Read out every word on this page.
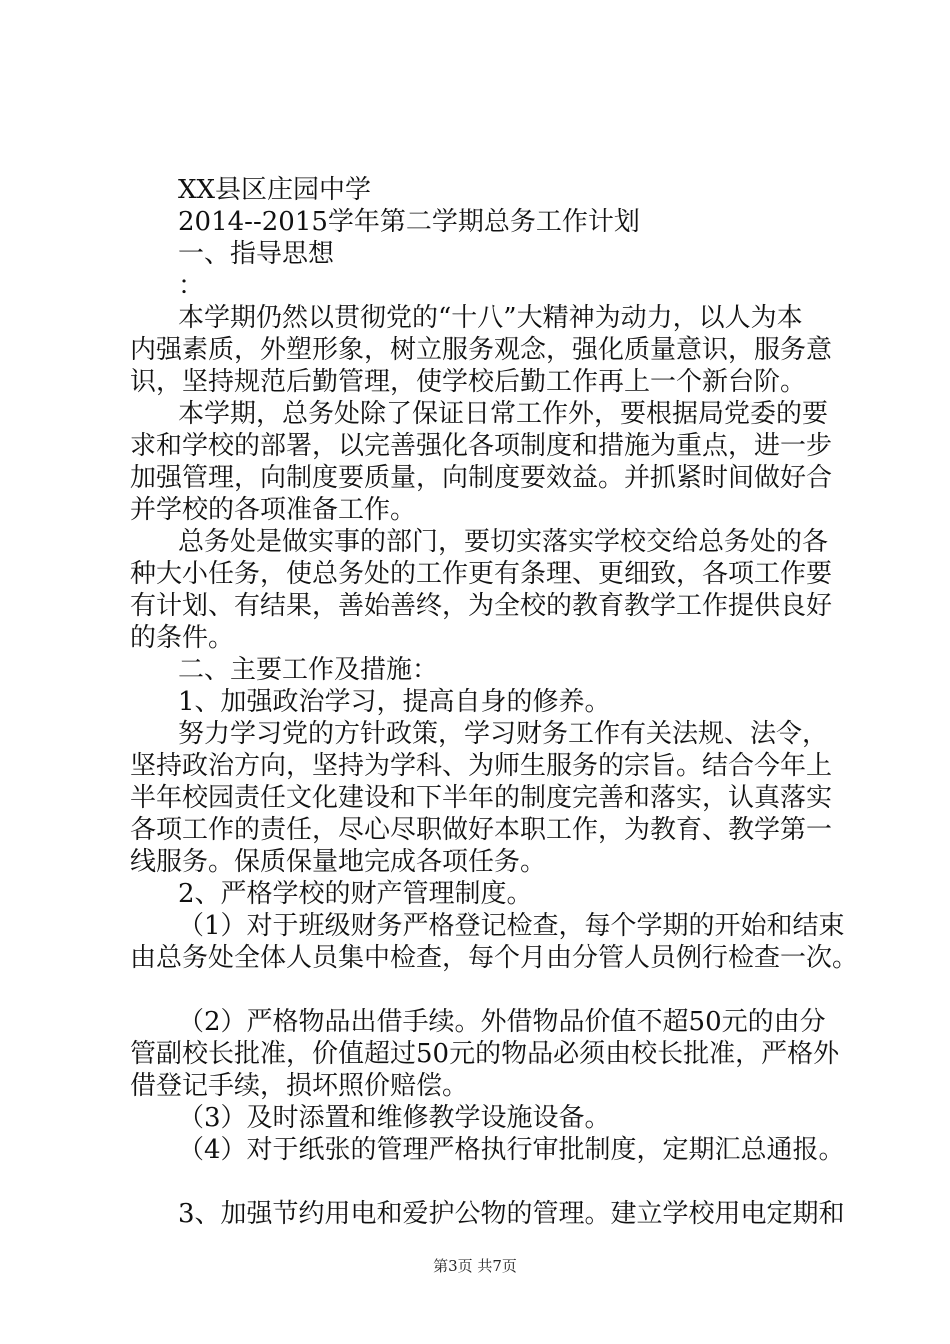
XX县区庄园中学
2014--2015学年第二学期总务工作计划
一、指导思想
：
本学期仍然以贯彻党的“十八”大精神为动力，以人为本
内强素质，外塑形象，树立服务观念，强化质量意识，服务意
识，坚持规范后勤管理，使学校后勤工作再上一个新台阶。
本学期，总务处除了保证日常工作外，要根据局党委的要
求和学校的部署，以完善强化各项制度和措施为重点，进一步
加强管理，向制度要质量，向制度要效益。并抓紧时间做好合
并学校的各项准备工作。
总务处是做实事的部门，要切实落实学校交给总务处的各
种大小任务，使总务处的工作更有条理、更细致，各项工作要
有计划、有结果，善始善终，为全校的教育教学工作提供良好
的条件。
二、主要工作及措施：
1、加强政治学习，提高自身的修养。
努力学习党的方针政策，学习财务工作有关法规、法令，
坚持政治方向，坚持为学科、为师生服务的宗旨。结合今年上
半年校园责任文化建设和下半年的制度完善和落实，认真落实
各项工作的责任，尽心尽职做好本职工作，为教育、教学第一
线服务。保质保量地完成各项任务。
2、严格学校的财产管理制度。
（1）对于班级财务严格登记检查，每个学期的开始和结束
由总务处全体人员集中检查，每个月由分管人员例行检查一次。
（2）严格物品出借手续。外借物品价值不超50元的由分
管副校长批准，价值超过50元的物品必须由校长批准，严格外
借登记手续，损坏照价赔偿。
（3）及时添置和维修教学设施设备。
（4）对于纸张的管理严格执行审批制度，定期汇总通报。
3、加强节约用电和爱护公物的管理。建立学校用电定期和
第3页 共7页
